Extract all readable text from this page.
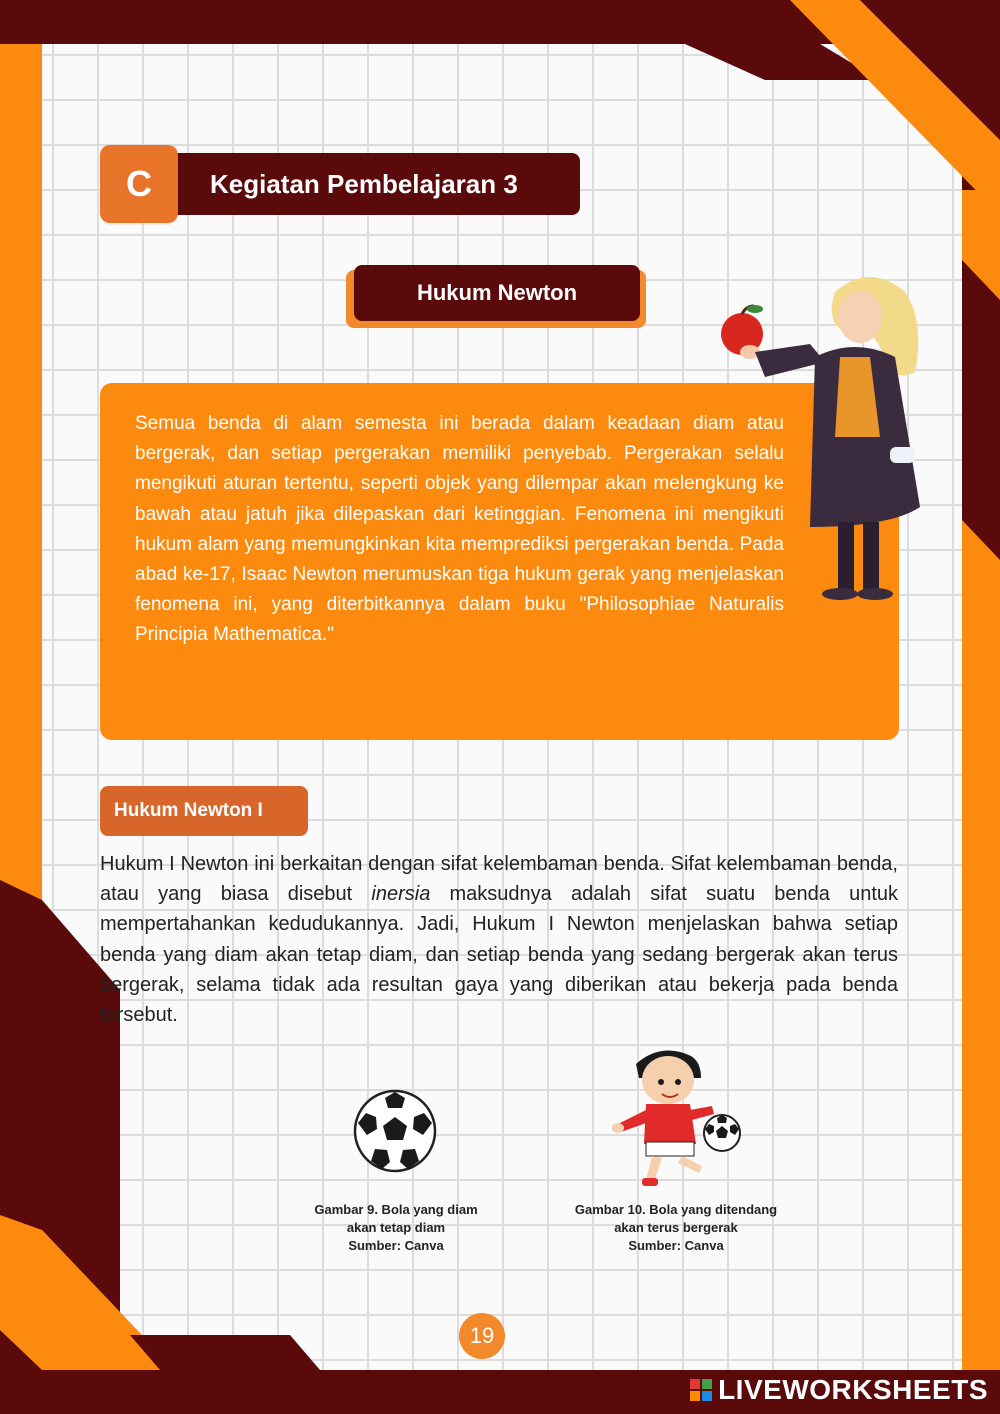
Kegiatan Pembelajaran 3
C
Hukum Newton

Semua benda di alam semesta ini berada dalam keadaan diam atau bergerak, dan setiap pergerakan memiliki penyebab. Pergerakan selalu mengikuti aturan tertentu, seperti objek yang dilempar akan melengkung ke bawah atau jatuh jika dilepaskan dari ketinggian. Fenomena ini mengikuti hukum alam yang memungkinkan kita memprediksi pergerakan benda. Pada abad ke-17, Isaac Newton merumuskan tiga hukum gerak yang menjelaskan fenomena ini, yang diterbitkannya dalam buku "Philosophiae Naturalis Principia Mathematica."

Hukum Newton I

Hukum I Newton ini berkaitan dengan sifat kelembaman benda. Sifat kelembaman benda, atau yang biasa disebut inersia maksudnya adalah sifat suatu benda untuk mempertahankan kedudukannya. Jadi, Hukum I Newton menjelaskan bahwa setiap benda yang diam akan tetap diam, dan setiap benda yang sedang bergerak akan terus bergerak, selama tidak ada resultan gaya yang diberikan atau bekerja pada benda tersebut.

Gambar 9. Bola yang diam
akan tetap diam
Sumber: Canva
Gambar 10. Bola yang ditendang
akan terus bergerak
Sumber: Canva
19
LIVEWORKSHEETS
